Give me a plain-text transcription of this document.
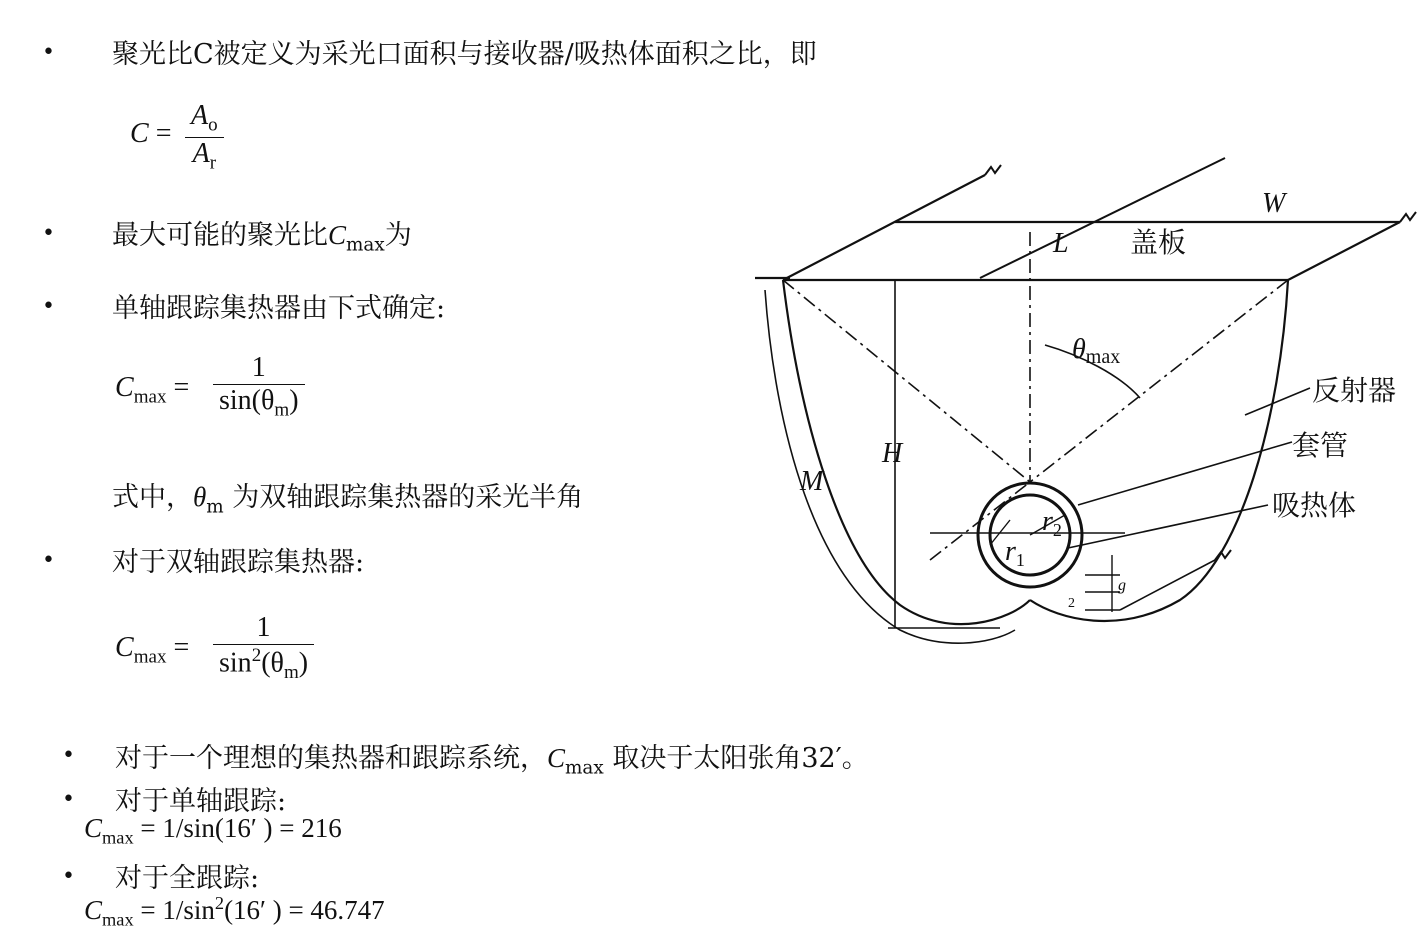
• 聚光比C被定义为采光口面积与接收器/吸热体面积之比，即
$C = \frac{A_o}{A_r}$
• 最大可能的聚光比$C_{max}$为
• 单轴跟踪集热器由下式确定:
$C_{max} = \frac{1}{\sin(\theta_m)}$
式中，$\theta_m$ 为双轴跟踪集热器的采光半角
• 对于双轴跟踪集热器:
$C_{max} = \frac{1}{\sin^2(\theta_m)}$
• 对于一个理想的集热器和跟踪系统，$C_{max}$ 取决于太阳张角32′。
• 对于单轴跟踪:
$C_{max} = 1/\sin(16'$ ) = 216
• 对于全跟踪:
$C_{max} = 1/\sin^2(16'$ ) = 46.747
W
L 盖板
θmax
H
M
反射器
套管
吸热体
$r_1$
$r_2$
g
2
